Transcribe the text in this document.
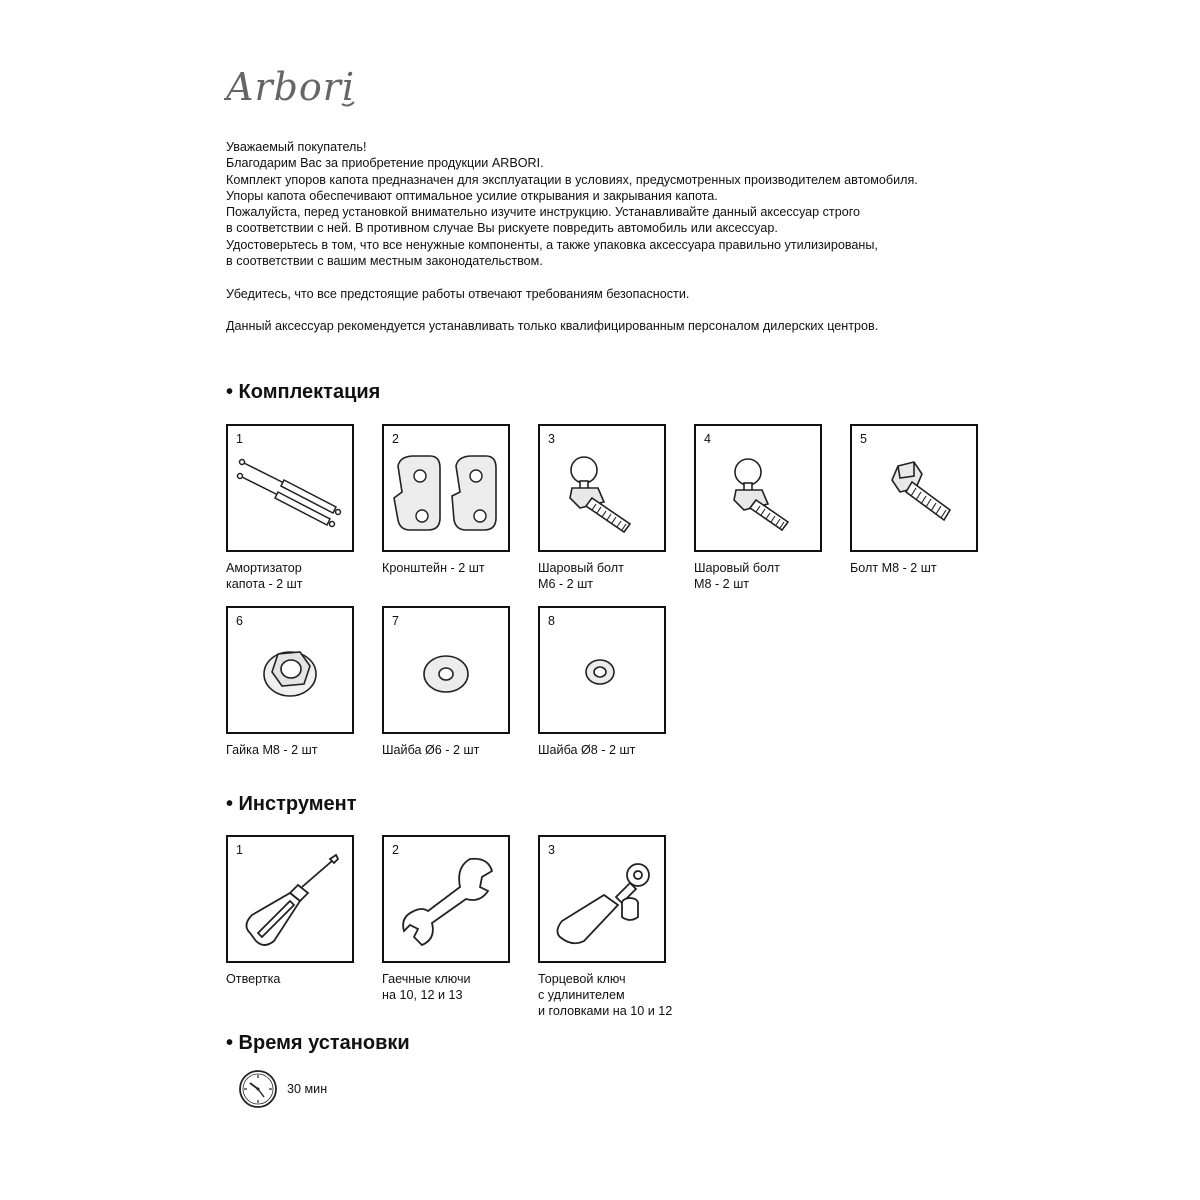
Arbori
Уважаемый покупатель!
Благодарим Вас за приобретение продукции ARBORI.
Комплект упоров капота предназначен для эксплуатации в условиях, предусмотренных производителем автомобиля.
Упоры капота обеспечивают оптимальное усилие открывания и закрывания капота.
Пожалуйста, перед установкой внимательно изучите инструкцию. Устанавливайте данный аксессуар строго
в соответствии с ней. В противном случае Вы рискуете повредить автомобиль или аксессуар.
Удостоверьтесь в том, что все ненужные компоненты, а также упаковка аксессуара правильно утилизированы,
в соответствии с вашим местным законодательством.
Убедитесь, что все предстоящие работы отвечают требованиям безопасности.
Данный аксессуар рекомендуется устанавливать только квалифицированным персоналом дилерских центров.
• Комплектация
1
Амортизатор
капота - 2 шт
2
Кронштейн - 2 шт
3
Шаровый болт
М6 - 2 шт
4
Шаровый болт
М8 - 2 шт
5
Болт М8 - 2 шт
6
Гайка М8 - 2 шт
7
Шайба Ø6 - 2 шт
8
Шайба Ø8 - 2 шт
• Инструмент
1
Отвертка
2
Гаечные ключи
на 10, 12 и 13
3
Торцевой ключ
с удлинителем
и головками на 10 и 12
• Время установки
30 мин
